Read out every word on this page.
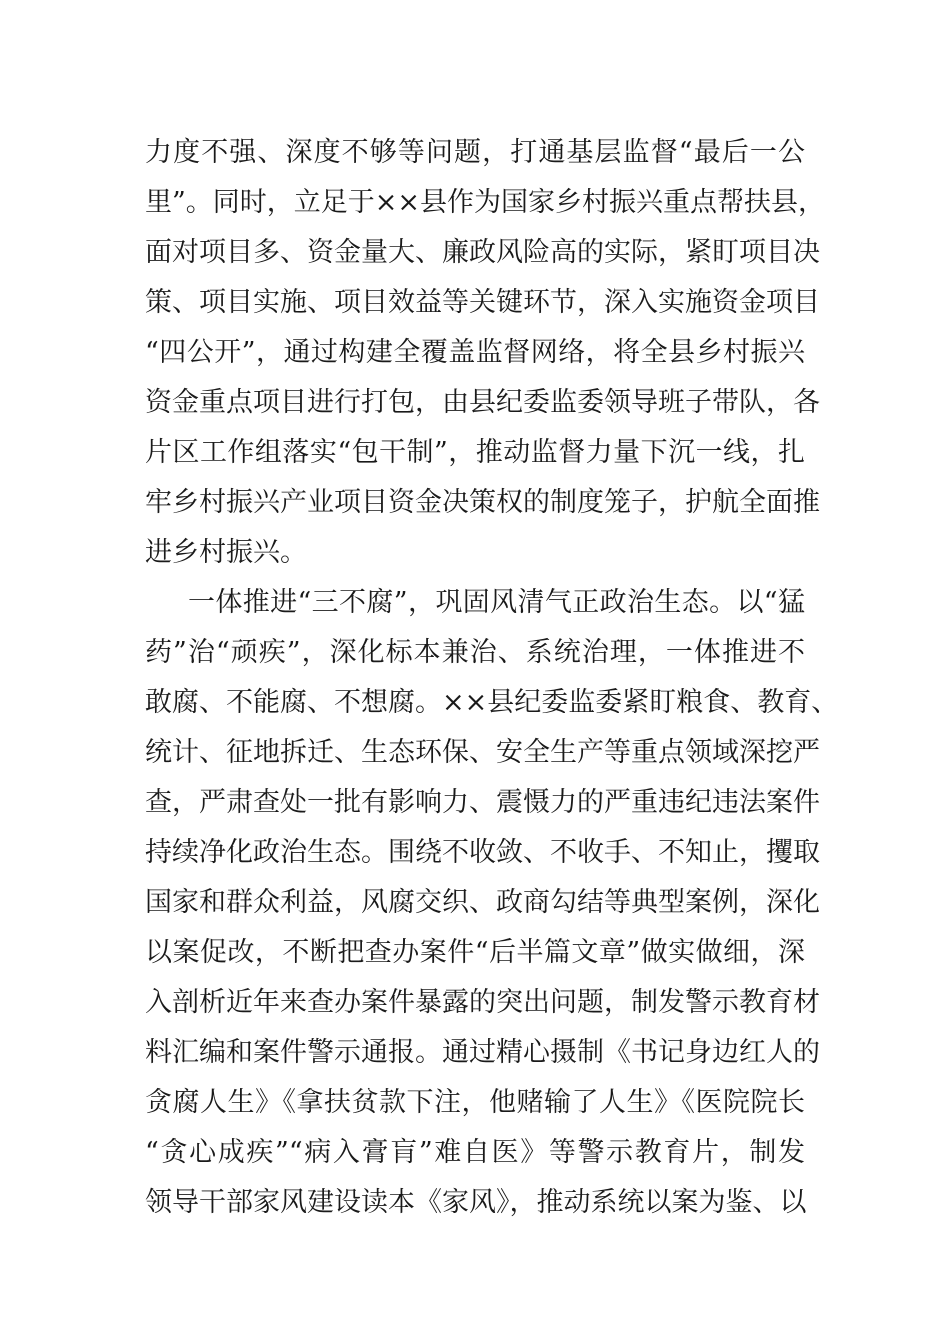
力度不强、深度不够等问题，打通基层监督“最后一公
里”。同时，立足于××县作为国家乡村振兴重点帮扶县，
面对项目多、资金量大、廉政风险高的实际，紧盯项目决
策、项目实施、项目效益等关键环节，深入实施资金项目
“四公开”，通过构建全覆盖监督网络，将全县乡村振兴
资金重点项目进行打包，由县纪委监委领导班子带队，各
片区工作组落实“包干制”，推动监督力量下沉一线，扎
牢乡村振兴产业项目资金决策权的制度笼子，护航全面推
进乡村振兴。
一体推进“三不腐”，巩固风清气正政治生态。以“猛
药”治“顽疾”，深化标本兼治、系统治理，一体推进不
敢腐、不能腐、不想腐。××县纪委监委紧盯粮食、教育、
统计、征地拆迁、生态环保、安全生产等重点领域深挖严
查，严肃查处一批有影响力、震慑力的严重违纪违法案件
持续净化政治生态。围绕不收敛、不收手、不知止，攫取
国家和群众利益，风腐交织、政商勾结等典型案例，深化
以案促改，不断把查办案件“后半篇文章”做实做细，深
入剖析近年来查办案件暴露的突出问题，制发警示教育材
料汇编和案件警示通报。通过精心摄制《书记身边红人的
贪腐人生》《拿扶贫款下注，他赌输了人生》《医院院长
“贪心成疾”“病入膏肓”难自医》等警示教育片，制发
领导干部家风建设读本《家风》，推动系统以案为鉴、以
